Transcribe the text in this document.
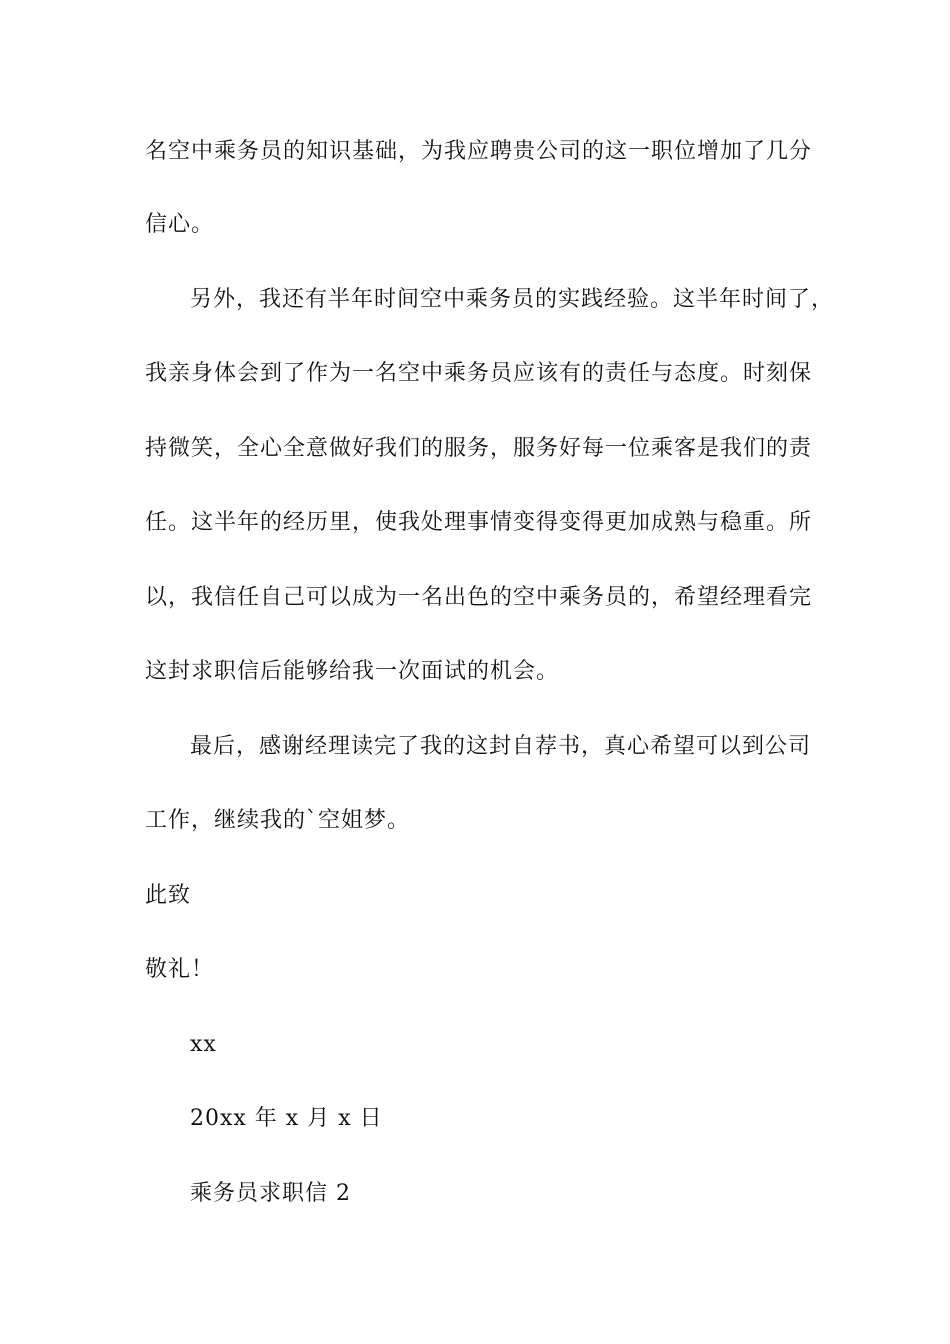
名空中乘务员的知识基础，为我应聘贵公司的这一职位增加了几分
信心。
另外，我还有半年时间空中乘务员的实践经验。这半年时间了，
我亲身体会到了作为一名空中乘务员应该有的责任与态度。时刻保
持微笑，全心全意做好我们的服务，服务好每一位乘客是我们的责
任。这半年的经历里，使我处理事情变得变得更加成熟与稳重。所
以，我信任自己可以成为一名出色的空中乘务员的，希望经理看完
这封求职信后能够给我一次面试的机会。
最后，感谢经理读完了我的这封自荐书，真心希望可以到公司
工作，继续我的`空姐梦。
此致
敬礼！
xx
20xx 年 x 月 x 日
乘务员求职信 2
